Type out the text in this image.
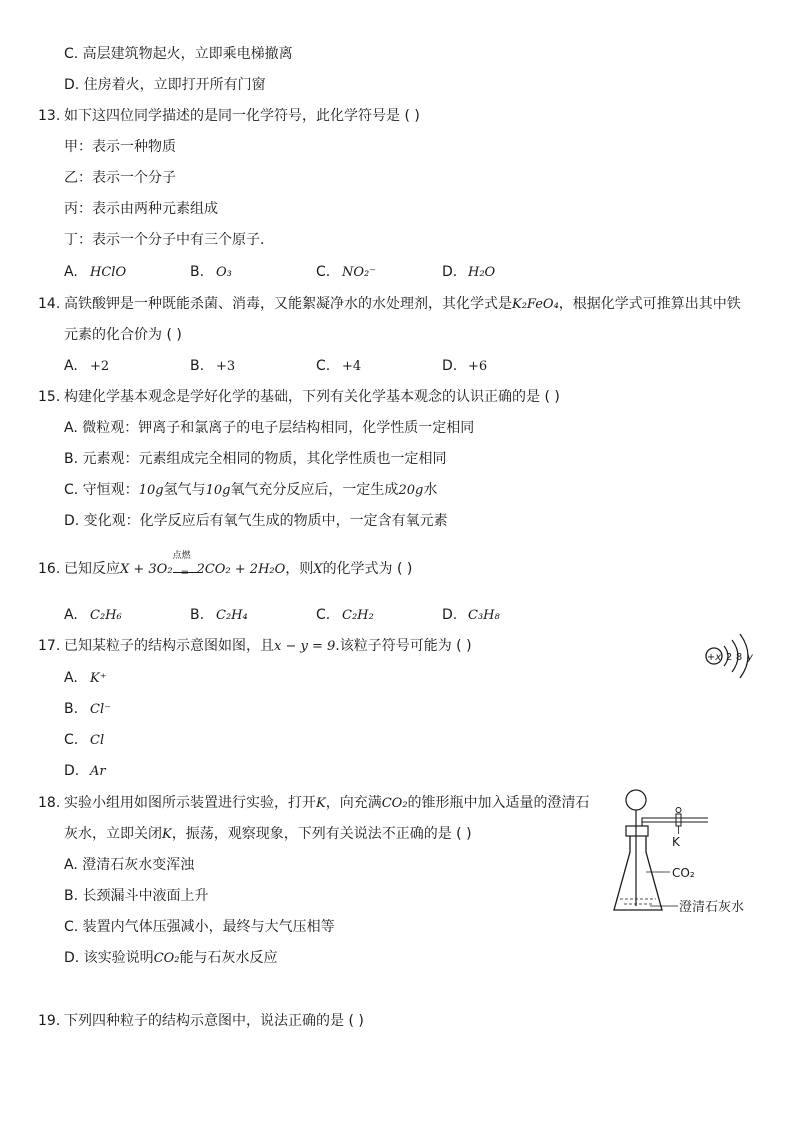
C. 高层建筑物起火，立即乘电梯撤离
D. 住房着火，立即打开所有门窗
13. 如下这四位同学描述的是同一化学符号，此化学符号是 ( )
甲：表示一种物质
乙：表示一个分子
丙：表示由两种元素组成
丁：表示一个分子中有三个原子．
A. HClO	B. O₃	C. NO₂⁻	D. H₂O
14. 高铁酸钾是一种既能杀菌、消毒，又能絮凝净水的水处理剂，其化学式是K₂FeO₄，根据化学式可推算出其中铁
元素的化合价为 ( )
A. +2	B. +3	C. +4	D. +6
15. 构建化学基本观念是学好化学的基础，下列有关化学基本观念的认识正确的是 ( )
A. 微粒观：钾离子和氯离子的电子层结构相同，化学性质一定相同
B. 元素观：元素组成完全相同的物质，其化学性质也一定相同
C. 守恒观：10g氢气与10g氧气充分反应后，一定生成20g水
D. 变化观：化学反应后有氧气生成的物质中，一定含有氧元素
16. 已知反应X + 3O₂
点燃
= 2CO₂ + 2H₂O，则X的化学式为 ( )
A. C₂H₆	B. C₂H₄	C. C₂H₂	D. C₃H₈
17. 已知某粒子的结构示意图如图，且x − y = 9.该粒子符号可能为 ( )
A. K⁺
B. Cl⁻
C. Cl
D. Ar
+x 2 8 y
18. 实验小组用如图所示装置进行实验，打开K，向充满CO₂的锥形瓶中加入适量的澄清石
灰水，立即关闭K，振荡，观察现象，下列有关说法不正确的是 ( )
A. 澄清石灰水变浑浊
B. 长颈漏斗中液面上升
C. 装置内气体压强减小，最终与大气压相等
D. 该实验说明CO₂能与石灰水反应
K
CO₂
澄清石灰水
19. 下列四种粒子的结构示意图中，说法正确的是 ( )
